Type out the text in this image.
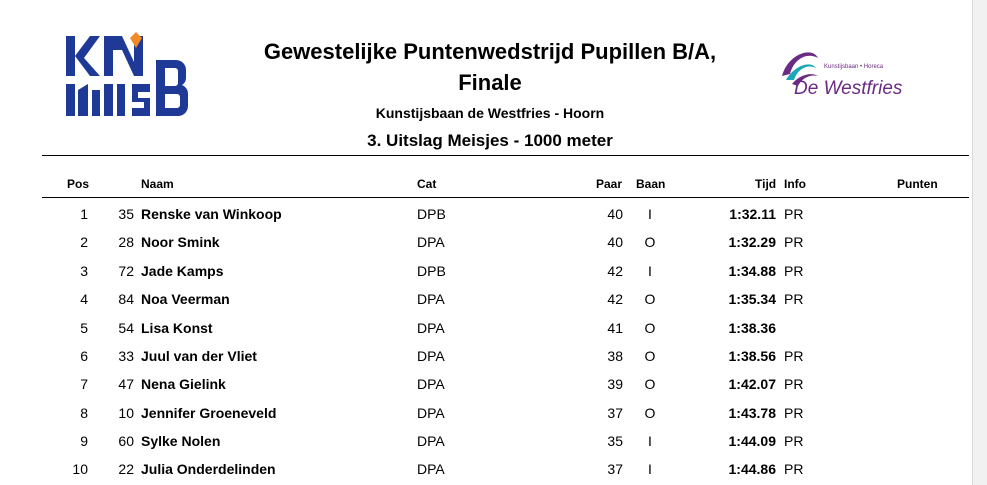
Kunstijsbaan • Horeca
De Westfries
Gewestelijke Puntenwedstrijd Pupillen B/A,
Finale
Kunstijsbaan de Westfries - Hoorn
3. Uitslag Meisjes - 1000 meter
Pos	Naam	Cat	Paar Baan	Tijd Info	Punten
1	35 Renske van Winkoop	DPB	40	I	1:32.11 PR
2	28 Noor Smink	DPA	40	O	1:32.29 PR
3	72 Jade Kamps	DPB	42	I	1:34.88 PR
4	84 Noa Veerman	DPA	42	O	1:35.34 PR
5	54 Lisa Konst	DPA	41	O	1:38.36
6	33 Juul van der Vliet	DPA	38	O	1:38.56 PR
7	47 Nena Gielink	DPA	39	O	1:42.07 PR
8	10 Jennifer Groeneveld	DPA	37	O	1:43.78 PR
9	60 Sylke Nolen	DPA	35	I	1:44.09 PR
10	22 Julia Onderdelinden	DPA	37	I	1:44.86 PR
